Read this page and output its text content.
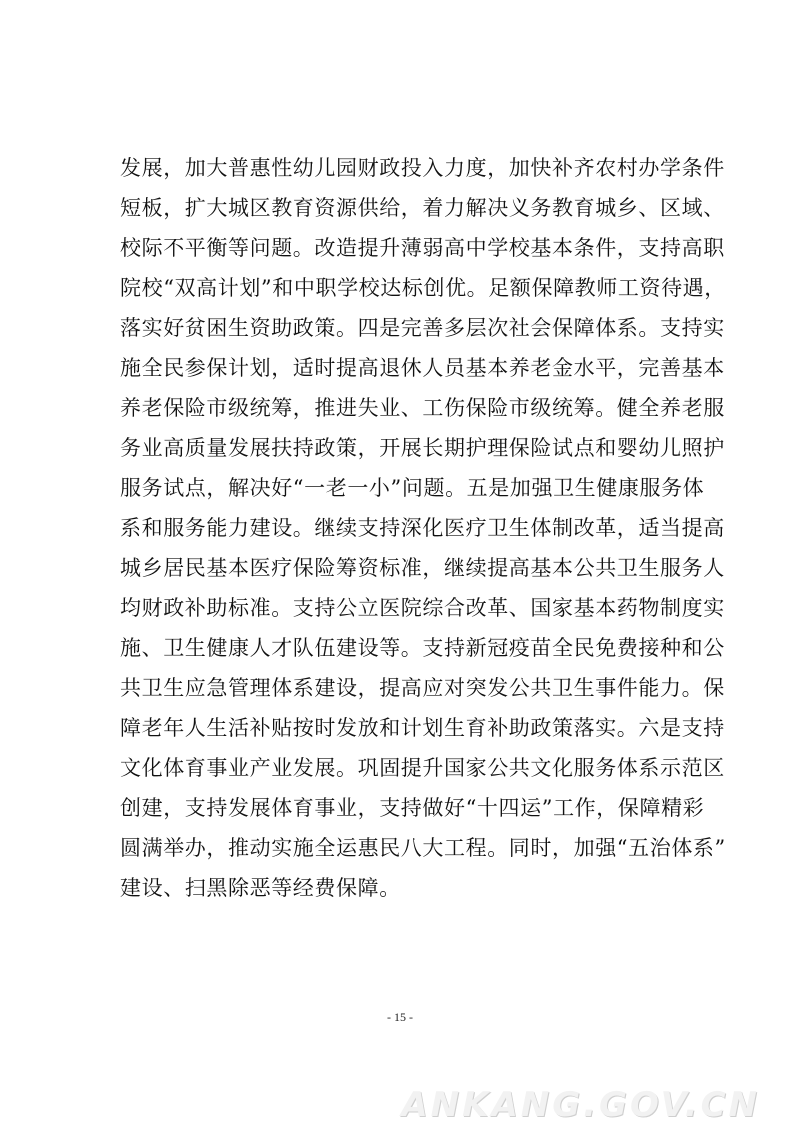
发展，加大普惠性幼儿园财政投入力度，加快补齐农村办学条件
短板，扩大城区教育资源供给，着力解决义务教育城乡、区域、
校际不平衡等问题。改造提升薄弱高中学校基本条件，支持高职
院校“双高计划”和中职学校达标创优。足额保障教师工资待遇，
落实好贫困生资助政策。四是完善多层次社会保障体系。支持实
施全民参保计划，适时提高退休人员基本养老金水平，完善基本
养老保险市级统筹，推进失业、工伤保险市级统筹。健全养老服
务业高质量发展扶持政策，开展长期护理保险试点和婴幼儿照护
服务试点，解决好“一老一小”问题。五是加强卫生健康服务体
系和服务能力建设。继续支持深化医疗卫生体制改革，适当提高
城乡居民基本医疗保险筹资标准，继续提高基本公共卫生服务人
均财政补助标准。支持公立医院综合改革、国家基本药物制度实
施、卫生健康人才队伍建设等。支持新冠疫苗全民免费接种和公
共卫生应急管理体系建设，提高应对突发公共卫生事件能力。保
障老年人生活补贴按时发放和计划生育补助政策落实。六是支持
文化体育事业产业发展。巩固提升国家公共文化服务体系示范区
创建，支持发展体育事业，支持做好“十四运”工作，保障精彩
圆满举办，推动实施全运惠民八大工程。同时，加强“五治体系”
建设、扫黑除恶等经费保障。
- 15 -
ANKANG.GOV.CN
